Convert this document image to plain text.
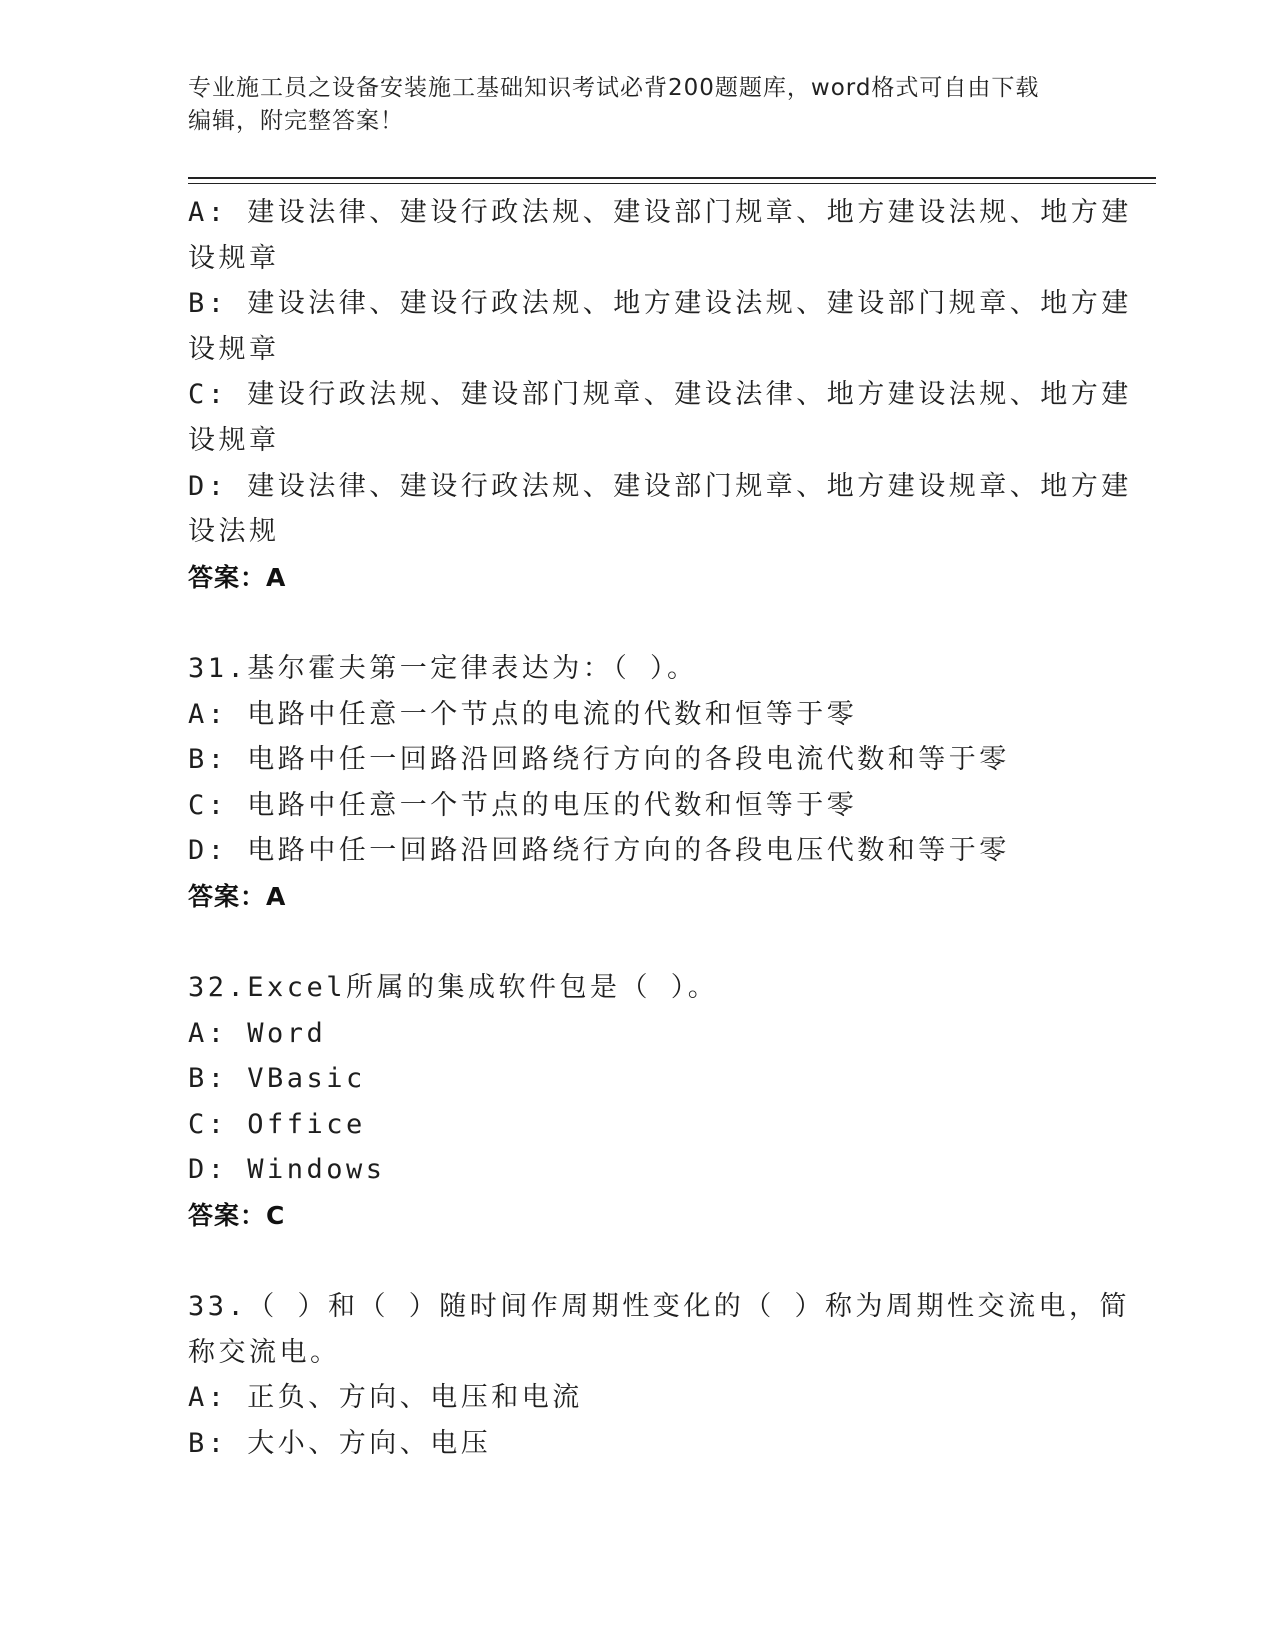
专业施工员之设备安装施工基础知识考试必背200题题库，word格式可自由下载
编辑，附完整答案！
A: 建设法律、建设行政法规、建设部门规章、地方建设法规、地方建
设规章
B: 建设法律、建设行政法规、地方建设法规、建设部门规章、地方建
设规章
C: 建设行政法规、建设部门规章、建设法律、地方建设法规、地方建
设规章
D: 建设法律、建设行政法规、建设部门规章、地方建设规章、地方建
设法规
答案：A
31.基尔霍夫第一定律表达为：（ ）。
A: 电路中任意一个节点的电流的代数和恒等于零
B: 电路中任一回路沿回路绕行方向的各段电流代数和等于零
C: 电路中任意一个节点的电压的代数和恒等于零
D: 电路中任一回路沿回路绕行方向的各段电压代数和等于零
答案：A
32.Excel所属的集成软件包是（ ）。
A: Word
B: VBasic
C: Office
D: Windows
答案：C
33.（ ）和（ ）随时间作周期性变化的（ ）称为周期性交流电，简
称交流电。
A: 正负、方向、电压和电流
B: 大小、方向、电压
